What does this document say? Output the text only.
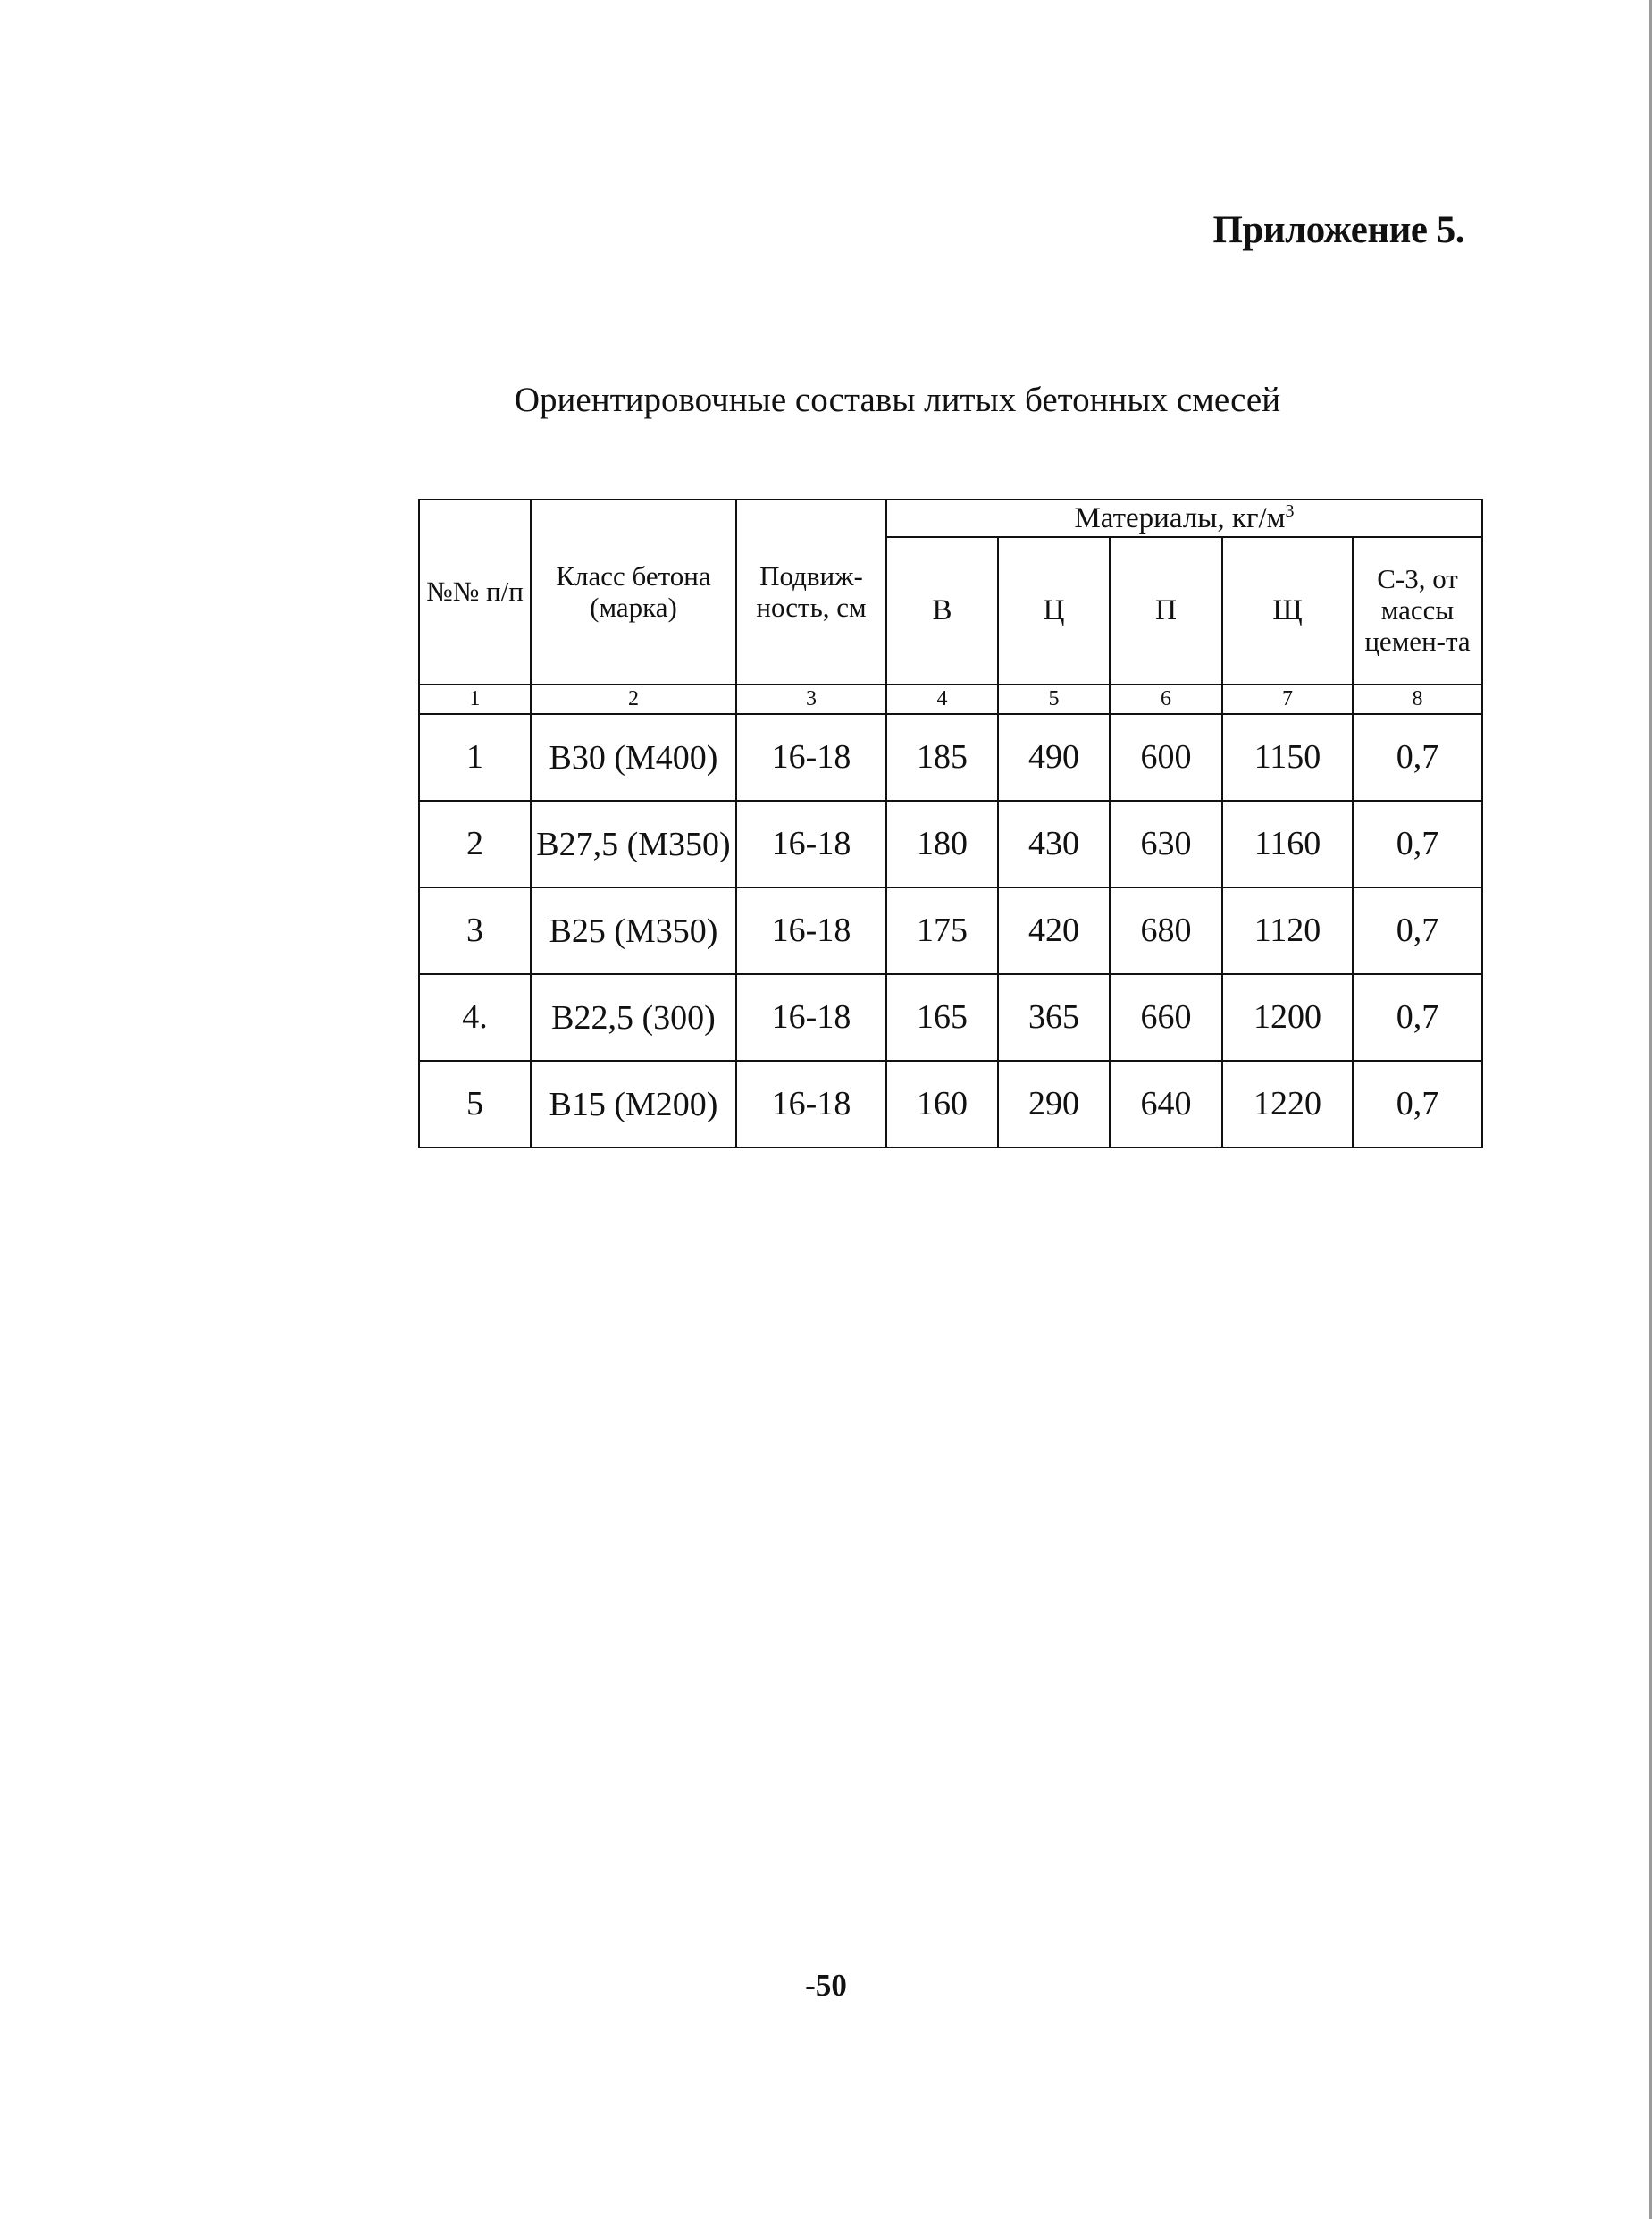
Приложение 5.
Ориентировочные составы литых бетонных смесей
№№ п/п	Класс бетона (марка)	Подвиж-ность, см	Материалы, $кг/м^3$
			В	Ц	П	Щ	С-3, от массы цемен-та
1	2	3	4	5	6	7	8
1	В30 (М400)	16-18	185	490	600	1150	0,7
2	В27,5 (М350)	16-18	180	430	630	1160	0,7
3	В25 (М350)	16-18	175	420	680	1120	0,7
4.	В22,5 (300)	16-18	165	365	660	1200	0,7
5	В15 (М200)	16-18	160	290	640	1220	0,7
-50
